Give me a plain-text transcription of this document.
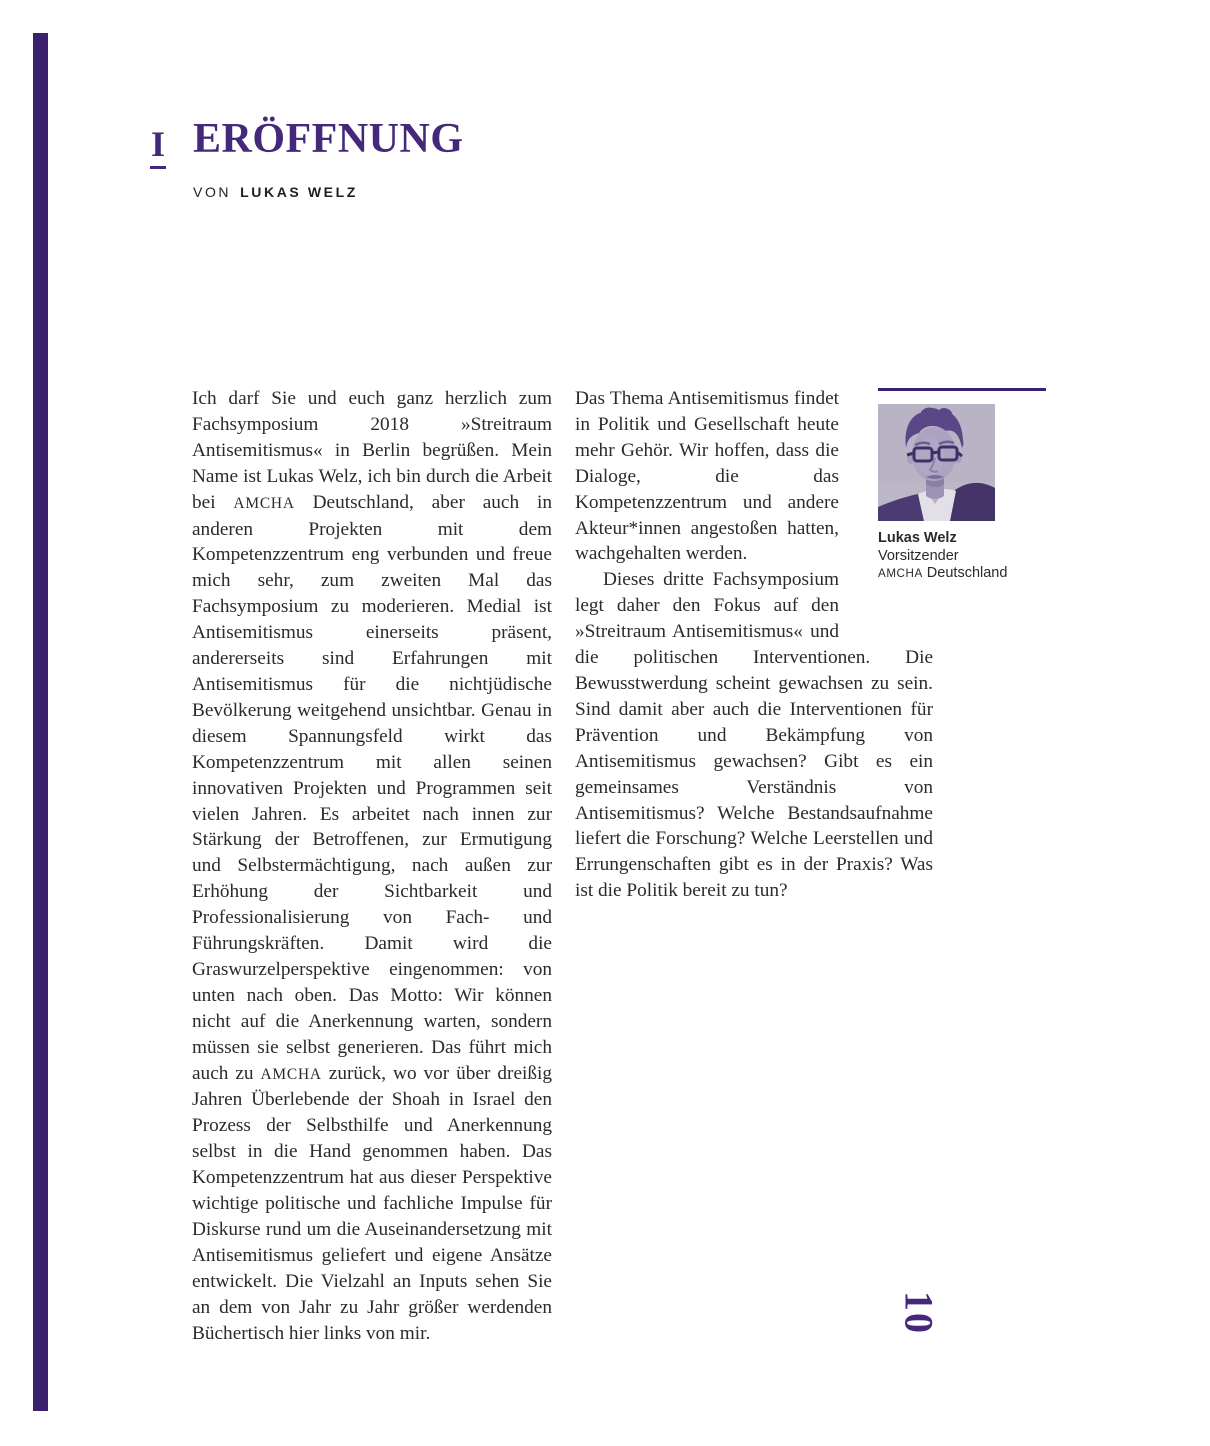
I ERÖFFNUNG
VON LUKAS WELZ

Ich darf Sie und euch ganz herzlich zum Fachsymposium 2018 »Streitraum Antisemitismus« in Berlin begrüßen. Mein Name ist Lukas Welz, ich bin durch die Arbeit bei AMCHA Deutschland, aber auch in anderen Projekten mit dem Kompetenzzentrum eng verbunden und freue mich sehr, zum zweiten Mal das Fachsymposium zu moderieren. Medial ist Antisemitismus einerseits präsent, andererseits sind Erfahrungen mit Antisemitismus für die nichtjüdische Bevölkerung weitgehend unsichtbar. Genau in diesem Spannungsfeld wirkt das Kompetenzzentrum mit allen seinen innovativen Projekten und Programmen seit vielen Jahren. Es arbeitet nach innen zur Stärkung der Betroffenen, zur Ermutigung und Selbstermächtigung, nach außen zur Erhöhung der Sichtbarkeit und Professionalisierung von Fach- und Führungskräften. Damit wird die Graswurzelperspektive eingenommen: von unten nach oben. Das Motto: Wir können nicht auf die Anerkennung warten, sondern müssen sie selbst generieren. Das führt mich auch zu AMCHA zurück, wo vor über dreißig Jahren Überlebende der Shoah in Israel den Prozess der Selbsthilfe und Anerkennung selbst in die Hand genommen haben. Das Kompetenzzentrum hat aus dieser Perspektive wichtige politische und fachliche Impulse für Diskurse rund um die Auseinandersetzung mit Antisemitismus geliefert und eigene Ansätze entwickelt. Die Vielzahl an Inputs sehen Sie an dem von Jahr zu Jahr größer werdenden Büchertisch hier links von mir.

Das Thema Antisemitismus findet in Politik und Gesellschaft heute mehr Gehör. Wir hoffen, dass die Dialoge, die das Kompetenzzentrum und andere Akteur*innen angestoßen hatten, wachgehalten werden.

Dieses dritte Fachsymposium legt daher den Fokus auf den »Streitraum Antisemitismus« und die politischen Interventionen. Die Bewusstwerdung scheint gewachsen zu sein. Sind damit aber auch die Interventionen für Prävention und Bekämpfung von Antisemitismus gewachsen? Gibt es ein gemeinsames Verständnis von Antisemitismus? Welche Bestandsaufnahme liefert die Forschung? Welche Leerstellen und Errungenschaften gibt es in der Praxis? Was ist die Politik bereit zu tun?

Lukas Welz
Vorsitzender
AMCHA Deutschland
10
